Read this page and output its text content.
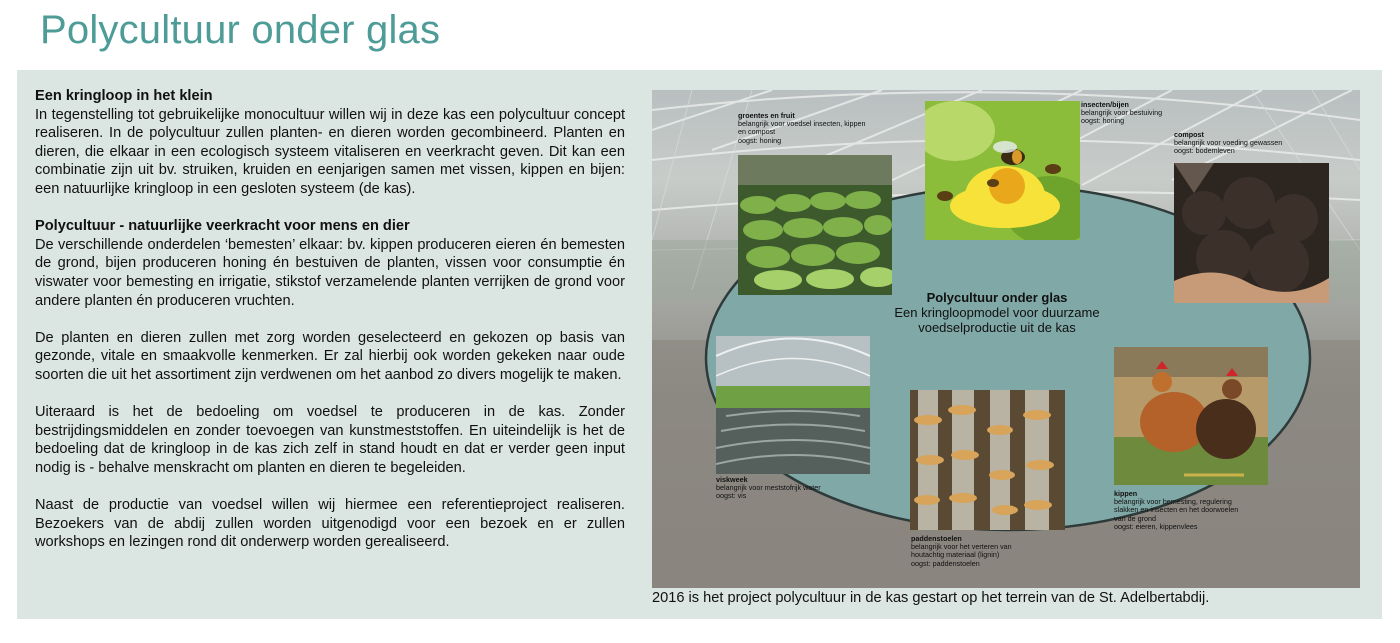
Polycultuur onder glas
Een kringloop in het klein

In tegenstelling tot gebruikelijke monocultuur willen wij in deze kas een polycultuur concept realiseren. In de polycultuur zullen planten- en dieren worden gecombineerd. Planten en dieren, die elkaar in een ecologisch systeem vitaliseren en veerkracht geven. Dit kan een combinatie zijn uit bv. struiken, kruiden en eenjarigen samen met vissen, kippen en bijen: een natuurlijke kringloop in een gesloten systeem (de kas).

Polycultuur - natuurlijke veerkracht voor mens en dier

De verschillende onderdelen ‘bemesten’ elkaar: bv. kippen produceren eieren én bemesten de grond, bijen produceren honing én bestuiven de planten, vissen voor consumptie én viswater voor bemesting en irrigatie, stikstof verzamelende planten verrijken de grond voor andere planten én produceren vruchten.

De planten en dieren zullen met zorg worden geselecteerd en gekozen op basis van gezonde, vitale en smaakvolle kenmerken. Er zal hierbij ook worden gekeken naar oude soorten die uit het assortiment zijn verdwenen om het aanbod zo divers mogelijk te maken.

Uiteraard is het de bedoeling om voedsel te produceren in de kas. Zonder bestrijdingsmiddelen en zonder toevoegen van kunstmeststoffen. En uiteindelijk is het de bedoeling dat de kringloop in de kas zich zelf in stand houdt en dat er verder geen input nodig is - behalve menskracht om planten en dieren te begeleiden.

Naast de productie van voedsel willen wij hiermee een referentieproject realiseren. Bezoekers van de abdij zullen worden uitgenodigd voor een bezoek en er zullen workshops en lezingen rond dit onderwerp worden gerealiseerd.

groentes en fruit
belangrijk voor voedsel insecten, kippen
en compost
oogst: honing
insecten/bijen
belangrijk voor bestuiving
oogst: honing
compost
belangrijk voor voeding gewassen
oogst: bodemleven
viskweek
belangrijk voor meststofrijk water
oogst: vis
paddenstoelen
belangrijk voor het verteren van
houtachtig materiaal (lignin)
oogst: paddenstoelen
kippen
belangrijk voor bemesting, regulering
slakken en insecten en het doorwoelen
van de grond
oogst: eieren, kippenvlees
Polycultuur onder glas
Een kringloopmodel voor duurzame
voedselproductie uit de kas
2016 is het project polycultuur in de kas gestart op het terrein van de St. Adelbertabdij.
